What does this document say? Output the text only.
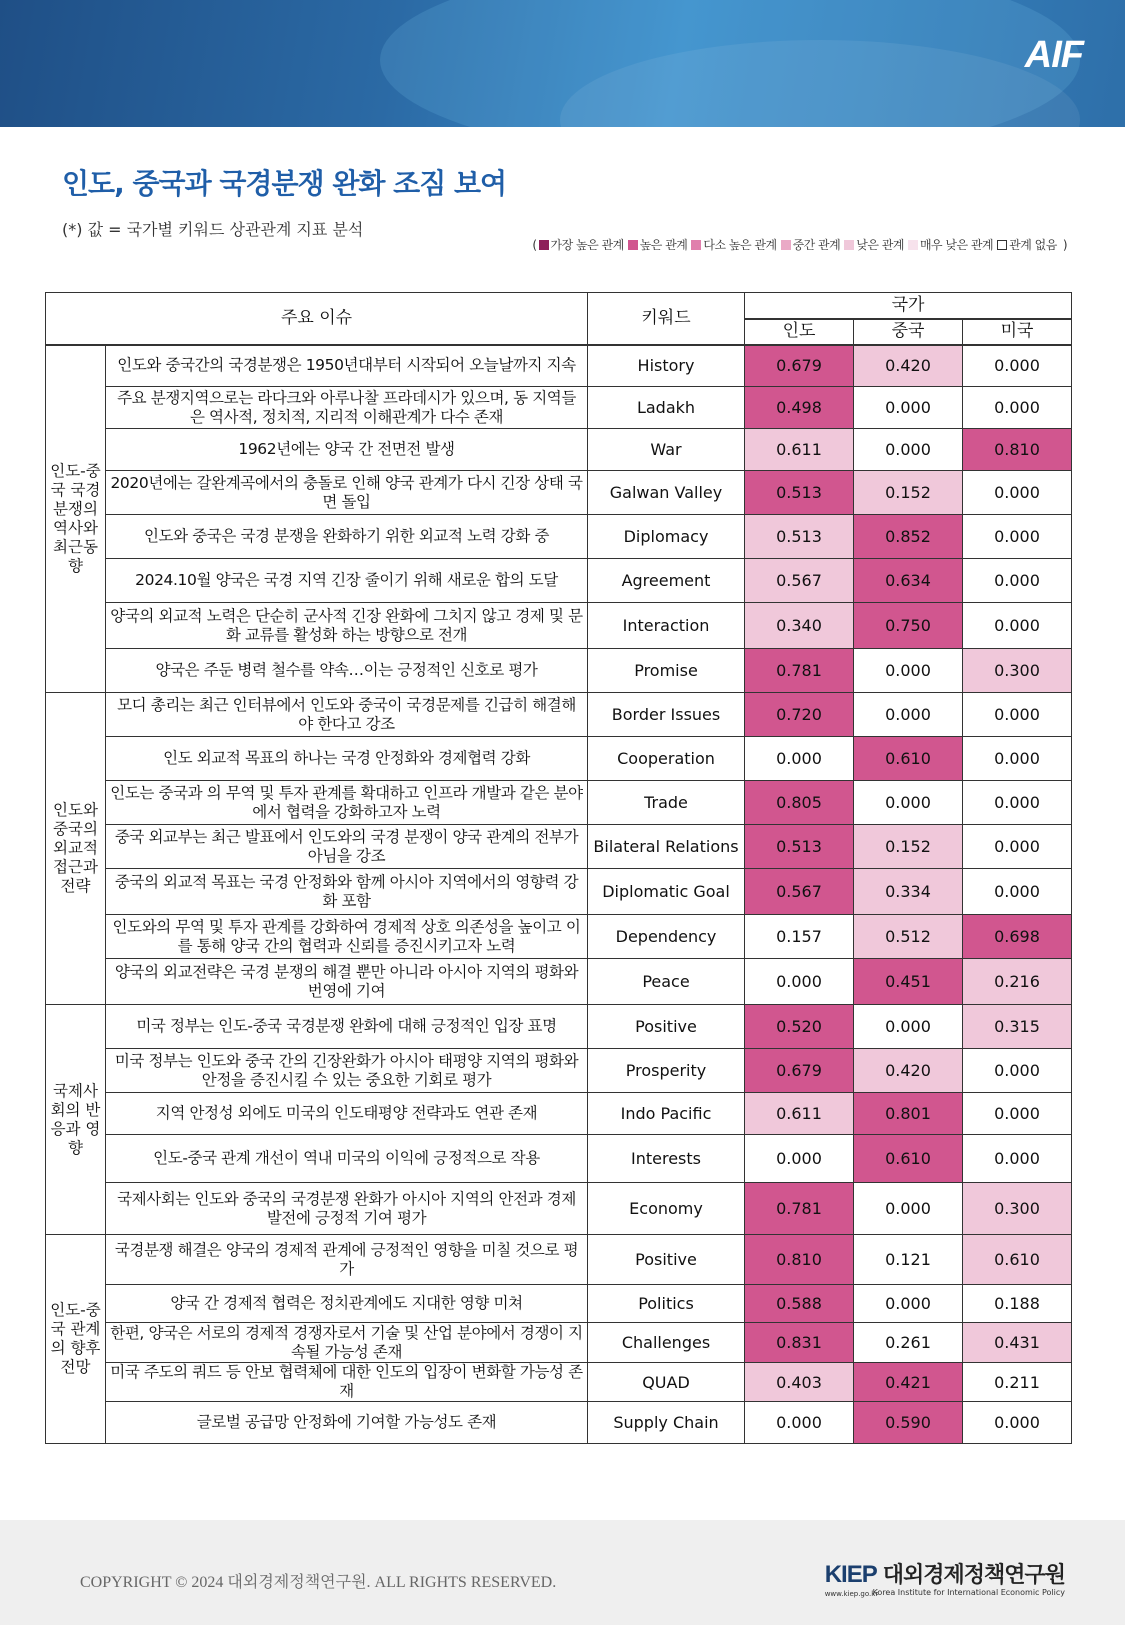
AIF
인도, 중국과 국경분쟁 완화 조짐 보여
(*) 값 = 국가별 키워드 상관관계 지표 분석
( 가장 높은 관계 높은 관계 다소 높은 관계 중간 관계 낮은 관계 매우 낮은 관계 관계 없음 )
주요 이슈		키워드	국가		
			인도	중국	미국
인도-중국 국경분쟁의 역사와 최근동향	인도와 중국간의 국경분쟁은 1950년대부터 시작되어 오늘날까지 지속	History	0.679	0.420	0.000
	주요 분쟁지역으로는 라다크와 아루나찰 프라데시가 있으며, 동 지역들은 역사적, 정치적, 지리적 이해관계가 다수 존재	Ladakh	0.498	0.000	0.000
	1962년에는 양국 간 전면전 발생	War	0.611	0.000	0.810
	2020년에는 갈완계곡에서의 충돌로 인해 양국 관계가 다시 긴장 상태 국면 돌입	Galwan Valley	0.513	0.152	0.000
	인도와 중국은 국경 분쟁을 완화하기 위한 외교적 노력 강화 중	Diplomacy	0.513	0.852	0.000
	2024.10월 양국은 국경 지역 긴장 줄이기 위해 새로운 합의 도달	Agreement	0.567	0.634	0.000
	양국의 외교적 노력은 단순히 군사적 긴장 완화에 그치지 않고 경제 및 문화 교류를 활성화 하는 방향으로 전개	Interaction	0.340	0.750	0.000
	양국은 주둔 병력 철수를 약속…이는 긍정적인 신호로 평가	Promise	0.781	0.000	0.300
인도와 중국의 외교적 접근과 전략	모디 총리는 최근 인터뷰에서 인도와 중국이 국경문제를 긴급히 해결해야 한다고 강조	Border Issues	0.720	0.000	0.000
	인도 외교적 목표의 하나는 국경 안정화와 경제협력 강화	Cooperation	0.000	0.610	0.000
	인도는 중국과 의 무역 및 투자 관계를 확대하고 인프라 개발과 같은 분야에서 협력을 강화하고자 노력	Trade	0.805	0.000	0.000
	중국 외교부는 최근 발표에서 인도와의 국경 분쟁이 양국 관계의 전부가 아님을 강조	Bilateral Relations	0.513	0.152	0.000
	중국의 외교적 목표는 국경 안정화와 함께 아시아 지역에서의 영향력 강화 포함	Diplomatic Goal	0.567	0.334	0.000
	인도와의 무역 및 투자 관계를 강화하여 경제적 상호 의존성을 높이고 이를 통해 양국 간의 협력과 신뢰를 증진시키고자 노력	Dependency	0.157	0.512	0.698
	양국의 외교전략은 국경 분쟁의 해결 뿐만 아니라 아시아 지역의 평화와 번영에 기여	Peace	0.000	0.451	0.216
국제사회의 반응과 영향	미국 정부는 인도-중국 국경분쟁 완화에 대해 긍정적인 입장 표명	Positive	0.520	0.000	0.315
	미국 정부는 인도와 중국 간의 긴장완화가 아시아 태평양 지역의 평화와 안정을 증진시킬 수 있는 중요한 기회로 평가	Prosperity	0.679	0.420	0.000
	지역 안정성 외에도 미국의 인도태평양 전략과도 연관 존재	Indo Pacific	0.611	0.801	0.000
	인도-중국 관계 개선이 역내 미국의 이익에 긍정적으로 작용	Interests	0.000	0.610	0.000
	국제사회는 인도와 중국의 국경분쟁 완화가 아시아 지역의 안전과 경제 발전에 긍정적 기여 평가	Economy	0.781	0.000	0.300
인도-중국 관계의 향후 전망	국경분쟁 해결은 양국의 경제적 관계에 긍정적인 영향을 미칠 것으로 평가	Positive	0.810	0.121	0.610
	양국 간 경제적 협력은 정치관계에도 지대한 영향 미쳐	Politics	0.588	0.000	0.188
	한편, 양국은 서로의 경제적 경쟁자로서 기술 및 산업 분야에서 경쟁이 지속될 가능성 존재	Challenges	0.831	0.261	0.431
	미국 주도의 쿼드 등 안보 협력체에 대한 인도의 입장이 변화할 가능성 존재	QUAD	0.403	0.421	0.211
	글로벌 공급망 안정화에 기여할 가능성도 존재	Supply Chain	0.000	0.590	0.000
COPYRIGHT © 2024 대외경제정책연구원. ALL RIGHTS RESERVED.	KIEP 대외경제정책연구원
www.kiep.go.kr
Korea Institute for International Economic Policy
